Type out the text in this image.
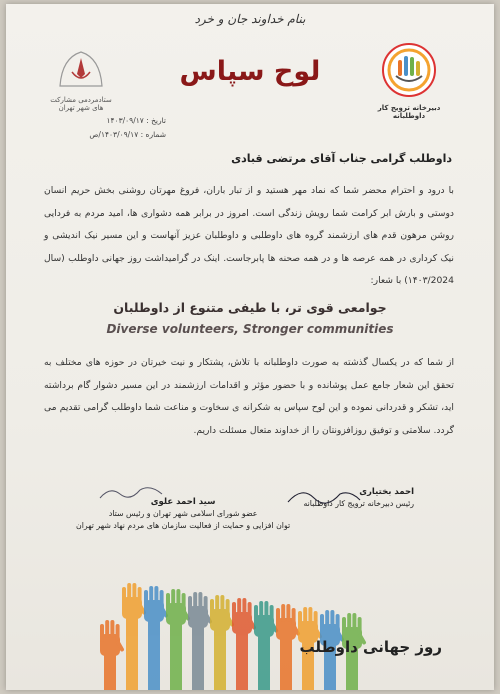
بنام خداوند جان و خرد
لوح سپاس
دبیرخانه ترویج کار داوطلبانه
ستادمردمی مشارکت های شهر تهران
تاریخ : ۱۴۰۳/۰۹/۱۷
شماره : ۱۴۰۳/۰۹/۱۷/ص
داوطلب گرامی جناب آقای مرتضی قبادی
با درود و احترام محضر شما که نماد مهر هستید و از تبار باران، فروغ مهرتان روشنی بخش حریم انسان دوستی و بارش ابر کرامت شما رویش زندگی است. امروز در برابر همه دشواری ها، امید مردم به فردایی روشن مرهون قدم های ارزشمند گروه های داوطلبی و داوطلبان عزیز آنهاست و این مسیر نیک اندیشی و نیک کرداری در همه عرصه ها و در همه صحنه ها پابرجاست. اینک در گرامیداشت روز جهانی داوطلب (سال ۱۴۰۳/2024) با شعار:
جوامعی قوی تر، با طیفی متنوع از داوطلبان
Diverse volunteers, Stronger communities
از شما که در یکسال گذشته به صورت داوطلبانه با تلاش، پشتکار و نیت خیرتان در حوزه های مختلف به تحقق این شعار جامع عمل پوشانده و با حضور مؤثر و اقدامات ارزشمند در این مسیر دشوار گام برداشته اید، تشکر و قدردانی نموده و این لوح سپاس به شکرانه ی سخاوت و مناعت شما داوطلب گرامی تقدیم می گردد. سلامتی و توفیق روزافزونتان را از خداوند متعال مسئلت داریم.
احمد بختیاری
رئیس دبیرخانه ترویج کار داوطلبانه
سید احمد علوی
عضو شورای اسلامی شهر تهران و رئیس ستاد
توان افزایی و حمایت از فعالیت سازمان های مردم نهاد شهر تهران
روز جهانی داوطلب
